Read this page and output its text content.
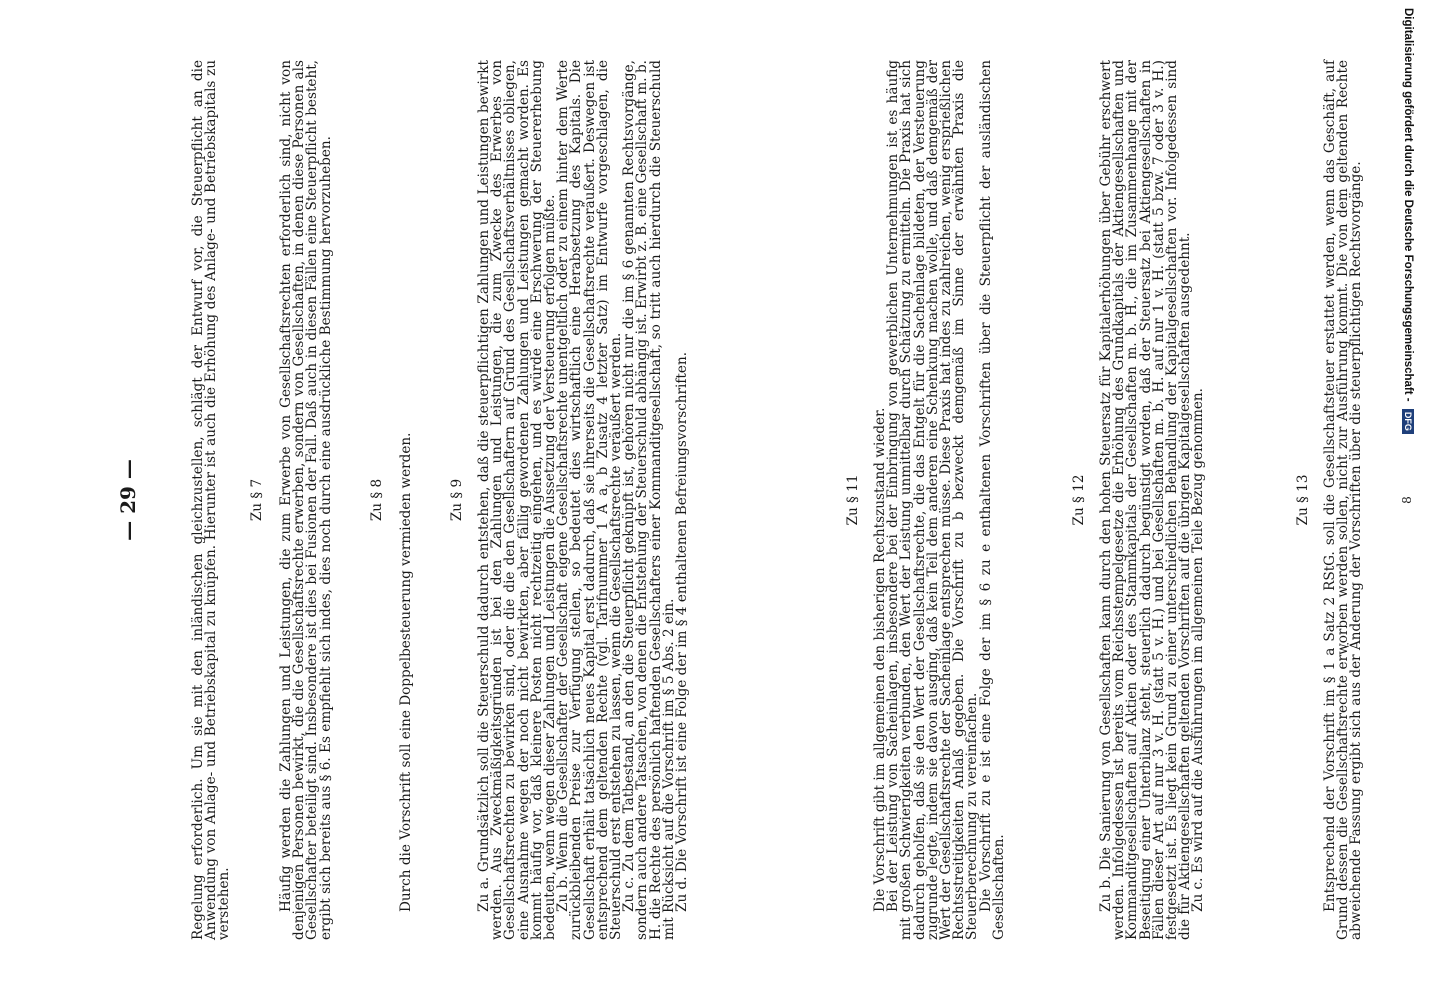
— 29 —	Regelung erforderlich. Um sie mit den inländischen gleichzustellen, schlägt der Entwurf vor, die Steuerpflicht an die Anwendung von Anlage- und Betriebskapital zu knüpfen. Hierunter ist auch die Erhöhung des Anlage- und Betriebskapitals zu verstehen.

Zu § 7 Häufig werden die Zahlungen und Leistungen, die zum Erwerbe von Gesellschaftsrechten erforderlich sind, nicht von denjenigen Personen bewirkt, die die Gesellschaftsrechte erwerben, sondern von Gesellschaften, in denen diese Personen als Gesellschafter beteiligt sind. Insbesondere ist dies bei Fusionen der Fall. Daß auch in diesen Fällen eine Steuerpflicht besteht, ergibt sich bereits aus § 6. Es empfiehlt sich indes, dies noch durch eine ausdrückliche Bestimmung hervorzuheben.	Zu § 8 Durch die Vorschrift soll eine Doppelbesteuerung vermieden werden.	Zu § 9 Zu a. Grundsätzlich soll die Steuerschuld dadurch entstehen, daß die steuerpflichtigen Zahlungen und Leistungen bewirkt werden. Aus Zweckmäßigkeitsgründen ist bei den Zahlungen und Leistungen, die zum Zwecke des Erwerbes von Gesellschaftsrechten zu bewirken sind, oder die die den Gesellschaftern auf Grund des Gesellschaftsverhältnisses obliegen, eine Ausnahme wegen der noch nicht bewirkten, aber fällig gewordenen Zahlungen und Leistungen gemacht worden. Es kommt häufig vor, daß kleinere Posten nicht rechtzeitig eingehen, und es würde eine Erschwerung der Steuererhebung bedeuten, wenn wegen dieser Zahlungen und Leistungen die Aussetzung der Versteuerung erfolgen müßte.

Zu b. Wenn die Gesellschafter der Gesellschaft eigene Gesellschaftsrechte unentgeltlich oder zu einem hinter dem Werte zurückbleibenden Preise zur Verfügung stellen, so bedeutet dies wirtschaftlich eine Herabsetzung des Kapitals. Die Gesellschaft erhält tatsächlich neues Kapital erst dadurch, daß sie ihrerseits die Gesellschaftsrechte veräußert. Deswegen ist entsprechend dem geltenden Rechte (vgl. Tarifnummer 1 A a, b Zusatz 4 letzter Satz) im Entwurfe vorgeschlagen, die Steuerschuld erst entstehen zu lassen, wenn die Gesellschaftsrechte veräußert werden.

Zu c. Zu dem Tatbestand, an den die Steuerpflicht geknüpft ist, gehören nicht nur die im § 6 genannten Rechtsvorgänge, sondern auch andere Tatsachen, von denen die Entstehung der Steuerschuld abhängig ist. Erwirbt z. B. eine Gesellschaft m. b. H. die Rechte des persönlich haftenden Gesellschafters einer Kommanditgesellschaft, so tritt auch hierdurch die Steuerschuld mit Rücksicht auf die Vorschrift im § 5 Abs. 2 ein.

Zu d. Die Vorschrift ist eine Folge der im § 4 enthaltenen Befreiungsvorschriften.	Zu § 11 Die Vorschrift gibt im allgemeinen den bisherigen Rechtszustand wieder.

Bei der Leistung von Sacheinlagen, insbesondere bei der Einbringung von gewerblichen Unternehmungen ist es häufig mit großen Schwierigkeiten verbunden, den Wert der Leistung unmittelbar durch Schätzung zu ermitteln. Die Praxis hat sich dadurch geholfen, daß sie den Wert der Gesellschaftsrechte, die das Entgelt für die Sacheinlage bildeten, der Versteuerung zugrunde legte, indem sie davon ausging, daß kein Teil dem anderen eine Schenkung machen wolle, und daß demgemäß der Wert der Gesellschaftsrechte der Sacheinlage entsprechen müsse. Diese Praxis hat indes zu zahlreichen, wenig ersprießlichen Rechtsstreitigkeiten Anlaß gegeben. Die Vorschrift zu b bezweckt demgemäß im Sinne der erwähnten Praxis die Steuerberechnung zu vereinfachen.

Die Vorschrift zu e ist eine Folge der im § 6 zu e enthaltenen Vorschriften über die Steuerpflicht der ausländischen Gesellschaften.

Zu § 12 Zu b. Die Sanierung von Gesellschaften kann durch den hohen Steuersatz für Kapitalerhöhungen über Gebühr erschwert werden. Infolgedessen ist bereits vom Reichsstempelgesetze die Erhöhung des Grundkapitals der Aktiengesellschaften und Kommanditgesellschaften auf Aktien oder des Stammkapitals der Gesellschaften m. b. H., die im Zusammenhange mit der Beseitigung einer Unterbilanz steht, steuerlich dadurch begünstigt worden, daß der Steuersatz bei Aktiengesellschaften in Fällen dieser Art auf nur 3 v. H. (statt 5 v. H.) und bei Gesellschaften m. b. H. auf nur 1 v. H. (statt 5 bzw. 7 oder 3 v. H.) festgesetzt ist. Es liegt kein Grund zu einer unterschiedlichen Behandlung der Kapitalgesellschaften vor. Infolgedessen sind die für Aktiengesellschaften geltenden Vorschriften auf die übrigen Kapitalgesellschaften ausgedehnt.

Zu c. Es wird auf die Ausführungen im allgemeinen Teile Bezug genommen.	Zu § 13 Entsprechend der Vorschrift im § 1 a Satz 2 RStG. soll die Gesellschaftsteuer erstattet werden, wenn das Geschäft, auf Grund dessen die Gesellschaftsrechte erworben werden sollen, nicht zur Ausführung kommt. Die von dem geltenden Rechte abweichende Fassung ergibt sich aus der Änderung der Vorschriften über die steuerpflichtigen Rechtsvorgänge.	8
Digitalisierung gefördert durch die Deutsche Forschungsgemeinschaft - DFG
